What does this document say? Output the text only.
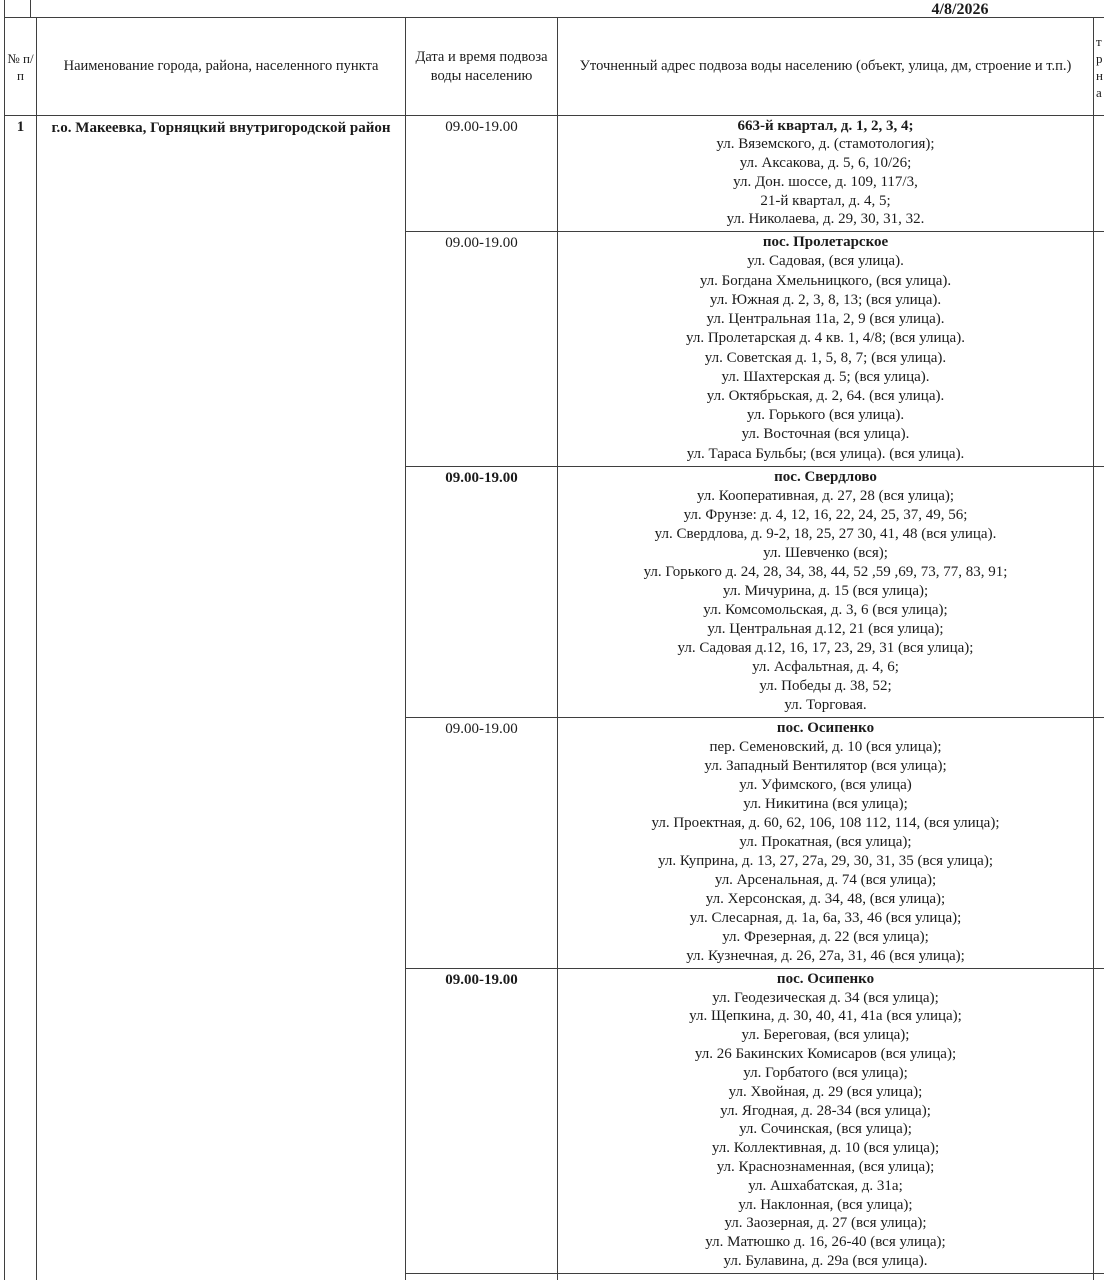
4/8/2026
№ п/п	Наименование города, района, населенного пункта	Дата и время подвоза воды населению	Уточненный адрес подвоза воды населению (объект, улица, дм, строение и т.п.)	тр на
1	г.о. Макеевка, Горняцкий внутригородской район	09.00-19.00	663-й квартал, д. 1, 2, 3, 4;
ул. Вяземского, д. (стамотология);
ул. Аксакова, д. 5, 6, 10/26;
ул. Дон. шоссе, д. 109, 117/3,
21-й квартал, д. 4, 5;
ул. Николаева, д. 29, 30, 31, 32.

09.00-19.00	пос. Пролетарское
ул. Садовая, (вся улица).
ул. Богдана Хмельницкого, (вся улица).
ул. Южная д. 2, 3, 8, 13; (вся улица).
ул. Центральная 11а, 2, 9 (вся улица).
ул. Пролетарская д. 4 кв. 1, 4/8; (вся улица).
ул. Советская д. 1, 5, 8, 7; (вся улица).
ул. Шахтерская д. 5; (вся улица).
ул. Октябрьская, д. 2, 64. (вся улица).
ул. Горького (вся улица).
ул. Восточная (вся улица).
ул. Тараса Бульбы; (вся улица). (вся улица).

09.00-19.00	пос. Свердлово
ул. Кооперативная, д. 27, 28 (вся улица);
ул. Фрунзе: д. 4, 12, 16, 22, 24, 25, 37, 49, 56;
ул. Свердлова, д. 9-2, 18, 25, 27 30, 41, 48 (вся улица).
ул. Шевченко (вся);
ул. Горького д. 24, 28, 34, 38, 44, 52 ,59 ,69, 73, 77, 83, 91;
ул. Мичурина, д. 15 (вся улица);
ул. Комсомольская, д. 3, 6 (вся улица);
ул. Центральная д.12, 21 (вся улица);
ул. Садовая д.12, 16, 17, 23, 29, 31 (вся улица);
ул. Асфальтная, д. 4, 6;
ул. Победы д. 38, 52;
ул. Торговая.

09.00-19.00	пос. Осипенко
пер. Семеновский, д. 10 (вся улица);
ул. Западный Вентилятор (вся улица);
ул. Уфимского, (вся улица)
ул. Никитина (вся улица);
ул. Проектная, д. 60, 62, 106, 108 112, 114, (вся улица);
ул. Прокатная, (вся улица);
ул. Куприна, д. 13, 27, 27а, 29, 30, 31, 35 (вся улица);
ул. Арсенальная, д. 74 (вся улица);
ул. Херсонская, д. 34, 48, (вся улица);
ул. Слесарная, д. 1а, 6а, 33, 46 (вся улица);
ул. Фрезерная, д. 22 (вся улица);
ул. Кузнечная, д. 26, 27а, 31, 46 (вся улица);

09.00-19.00	пос. Осипенко
ул. Геодезическая д. 34 (вся улица);
ул. Щепкина, д. 30, 40, 41, 41а (вся улица);
ул. Береговая, (вся улица);
ул. 26 Бакинских Комисаров (вся улица);
ул. Горбатого (вся улица);
ул. Хвойная, д. 29 (вся улица);
ул. Ягодная, д. 28-34 (вся улица);
ул. Сочинская, (вся улица);
ул. Коллективная, д. 10 (вся улица);
ул. Краснознаменная, (вся улица);
ул. Ашхабатская, д. 31а;
ул. Наклонная, (вся улица);
ул. Заозерная, д. 27 (вся улица);
ул. Матюшко д. 16, 26-40 (вся улица);
ул. Булавина, д. 29а (вся улица).
